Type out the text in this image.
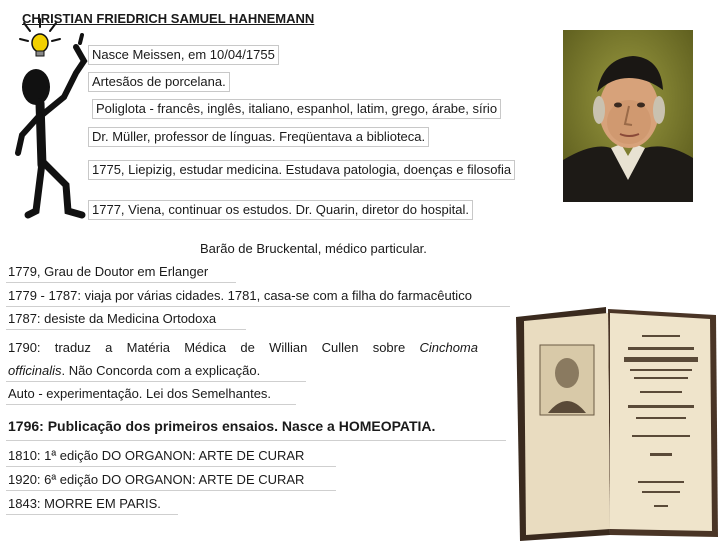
CHRISTIAN FRIEDRICH SAMUEL HAHNEMANN
Nasce Meissen, em 10/04/1755
Artesãos de porcelana.
Poliglota - francês, inglês, italiano, espanhol, latim, grego, árabe, sírio
Dr. Müller, professor de línguas. Freqüentava a biblioteca.
1775, Liepizig, estudar medicina. Estudava patologia, doenças e filosofia
1777, Viena, continuar os estudos. Dr. Quarin, diretor do hospital.
Barão de Bruckental, médico particular.
1779, Grau de Doutor em Erlanger
1779 - 1787: viaja por várias cidades. 1781, casa-se com a filha do farmacêutico
1787: desiste da Medicina Ortodoxa
1790: traduz a Matéria Médica de Willian Cullen sobre Cinchoma
officinalis. Não Concorda com a explicação.
Auto - experimentação. Lei dos Semelhantes.
1796: Publicação dos primeiros ensaios. Nasce a HOMEOPATIA.
1810: 1ª edição DO ORGANON: ARTE DE CURAR
1920: 6ª edição DO ORGANON: ARTE DE CURAR
1843: MORRE EM PARIS.
